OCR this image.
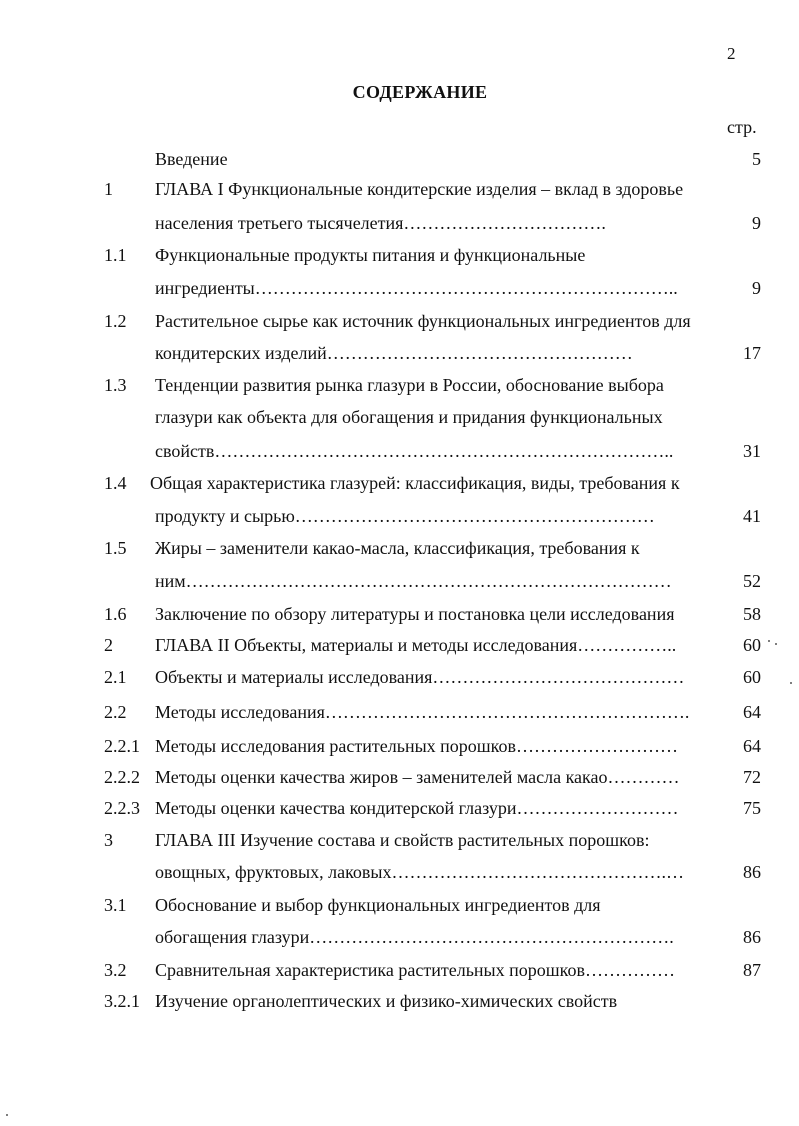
2
СОДЕРЖАНИЕ
стр.
Введение	5
1 ГЛАВА I Функциональные кондитерские изделия – вклад в здоровье
населения третьего тысячелетия…………………………….	9
1.1 Функциональные продукты питания и функциональные
ингредиенты……………………………………………………………..	9
1.2 Растительное сырье как источник функциональных ингредиентов для
кондитерских изделий……………………………………………	17
1.3 Тенденции развития рынка глазури в России, обоснование выбора
глазури как объекта для обогащения и придания функциональных
свойств…………………………………………………………………..	31
1.4 Общая характеристика глазурей: классификация, виды, требования к
продукту и сырью……………………………………………………	41
1.5 Жиры – заменители какао-масла, классификация, требования к
ним………………………………………………………………………	52
1.6 Заключение по обзору литературы и постановка цели исследования	58
2 ГЛАВА II Объекты, материалы и методы исследования……………..	60
2.1 Объекты и материалы исследования……………………………………	60
2.2 Методы исследования…………………………………………………….	64
2.2.1 Методы исследования растительных порошков………………………	64
2.2.2 Методы оценки качества жиров – заменителей масла какао…………	72
2.2.3 Методы оценки качества кондитерской глазури………………………	75
3 ГЛАВА III Изучение состава и свойств растительных порошков:
овощных, фруктовых, лаковых……………………………………….…	86
3.1 Обоснование и выбор функциональных ингредиентов для
обогащения глазури…………………………………………………….	86
3.2 Сравнительная характеристика растительных порошков……………	87
3.2.1 Изучение органолептических и физико-химических свойств
